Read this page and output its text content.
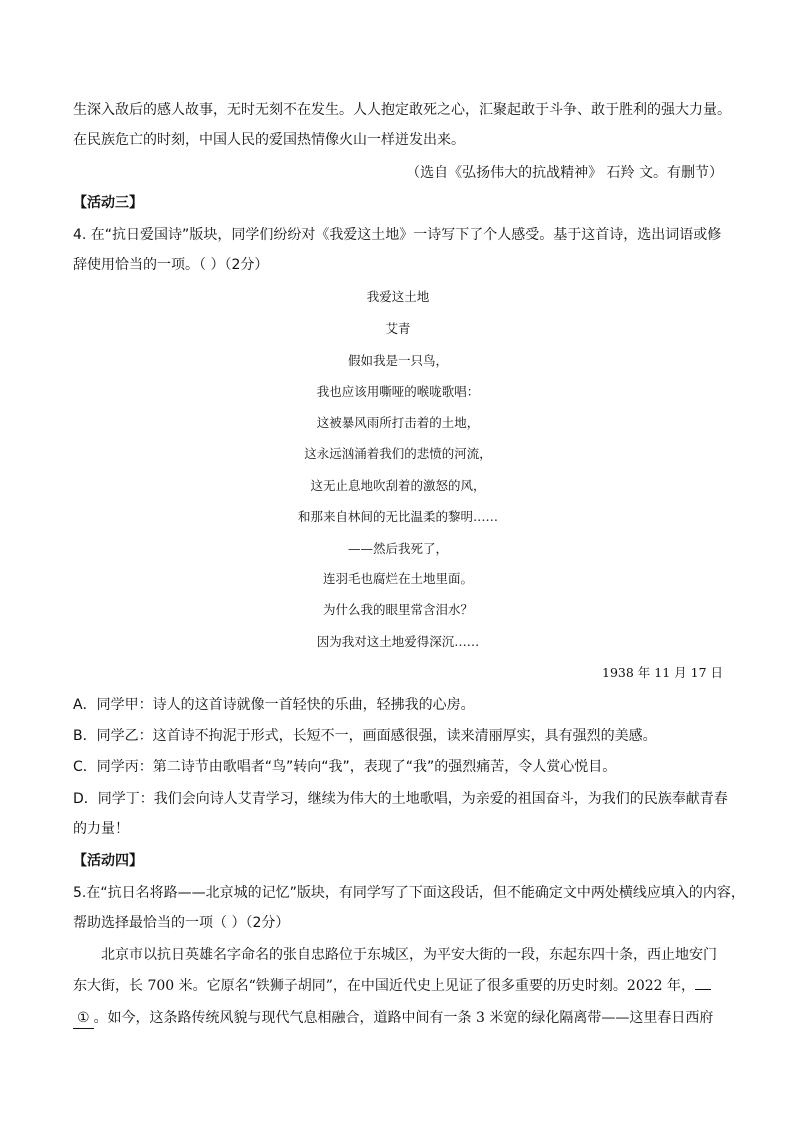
生深入敌后的感人故事，无时无刻不在发生。人人抱定敢死之心，汇聚起敢于斗争、敢于胜利的强大力量。
在民族危亡的时刻，中国人民的爱国热情像火山一样迸发出来。
（选自《弘扬伟大的抗战精神》 石羚 文。有删节）
【活动三】
4. 在“抗日爱国诗”版块，同学们纷纷对《我爱这土地》一诗写下了个人感受。基于这首诗，选出词语或修
辞使用恰当的一项。（ ）（2分）
我爱这土地
艾青
假如我是一只鸟，
我也应该用嘶哑的喉咙歌唱：
这被暴风雨所打击着的土地，
这永远汹涌着我们的悲愤的河流，
这无止息地吹刮着的激怒的风，
和那来自林间的无比温柔的黎明……
——然后我死了，
连羽毛也腐烂在土地里面。
为什么我的眼里常含泪水？
因为我对这土地爱得深沉……
1938 年 11 月 17 日
A．同学甲：诗人的这首诗就像一首轻快的乐曲，轻拂我的心房。
B．同学乙：这首诗不拘泥于形式，长短不一，画面感很强，读来清丽厚实，具有强烈的美感。
C．同学丙：第二诗节由歌唱者“鸟”转向“我”，表现了“我”的强烈痛苦，令人赏心悦目。
D．同学丁：我们会向诗人艾青学习，继续为伟大的土地歌唱，为亲爱的祖国奋斗，为我们的民族奉献青春
的力量！
【活动四】
5.在“抗日名将路——北京城的记忆”版块，有同学写了下面这段话，但不能确定文中两处横线应填入的内容，
帮助选择最恰当的一项（ ）（2分）
北京市以抗日英雄名字命名的张自忠路位于东城区，为平安大街的一段，东起东四十条，西止地安门
东大街，长 700 米。它原名“铁狮子胡同”，在中国近代史上见证了很多重要的历史时刻。2022 年，
① 。如今，这条路传统风貌与现代气息相融合，道路中间有一条 3 米宽的绿化隔离带——这里春日西府
